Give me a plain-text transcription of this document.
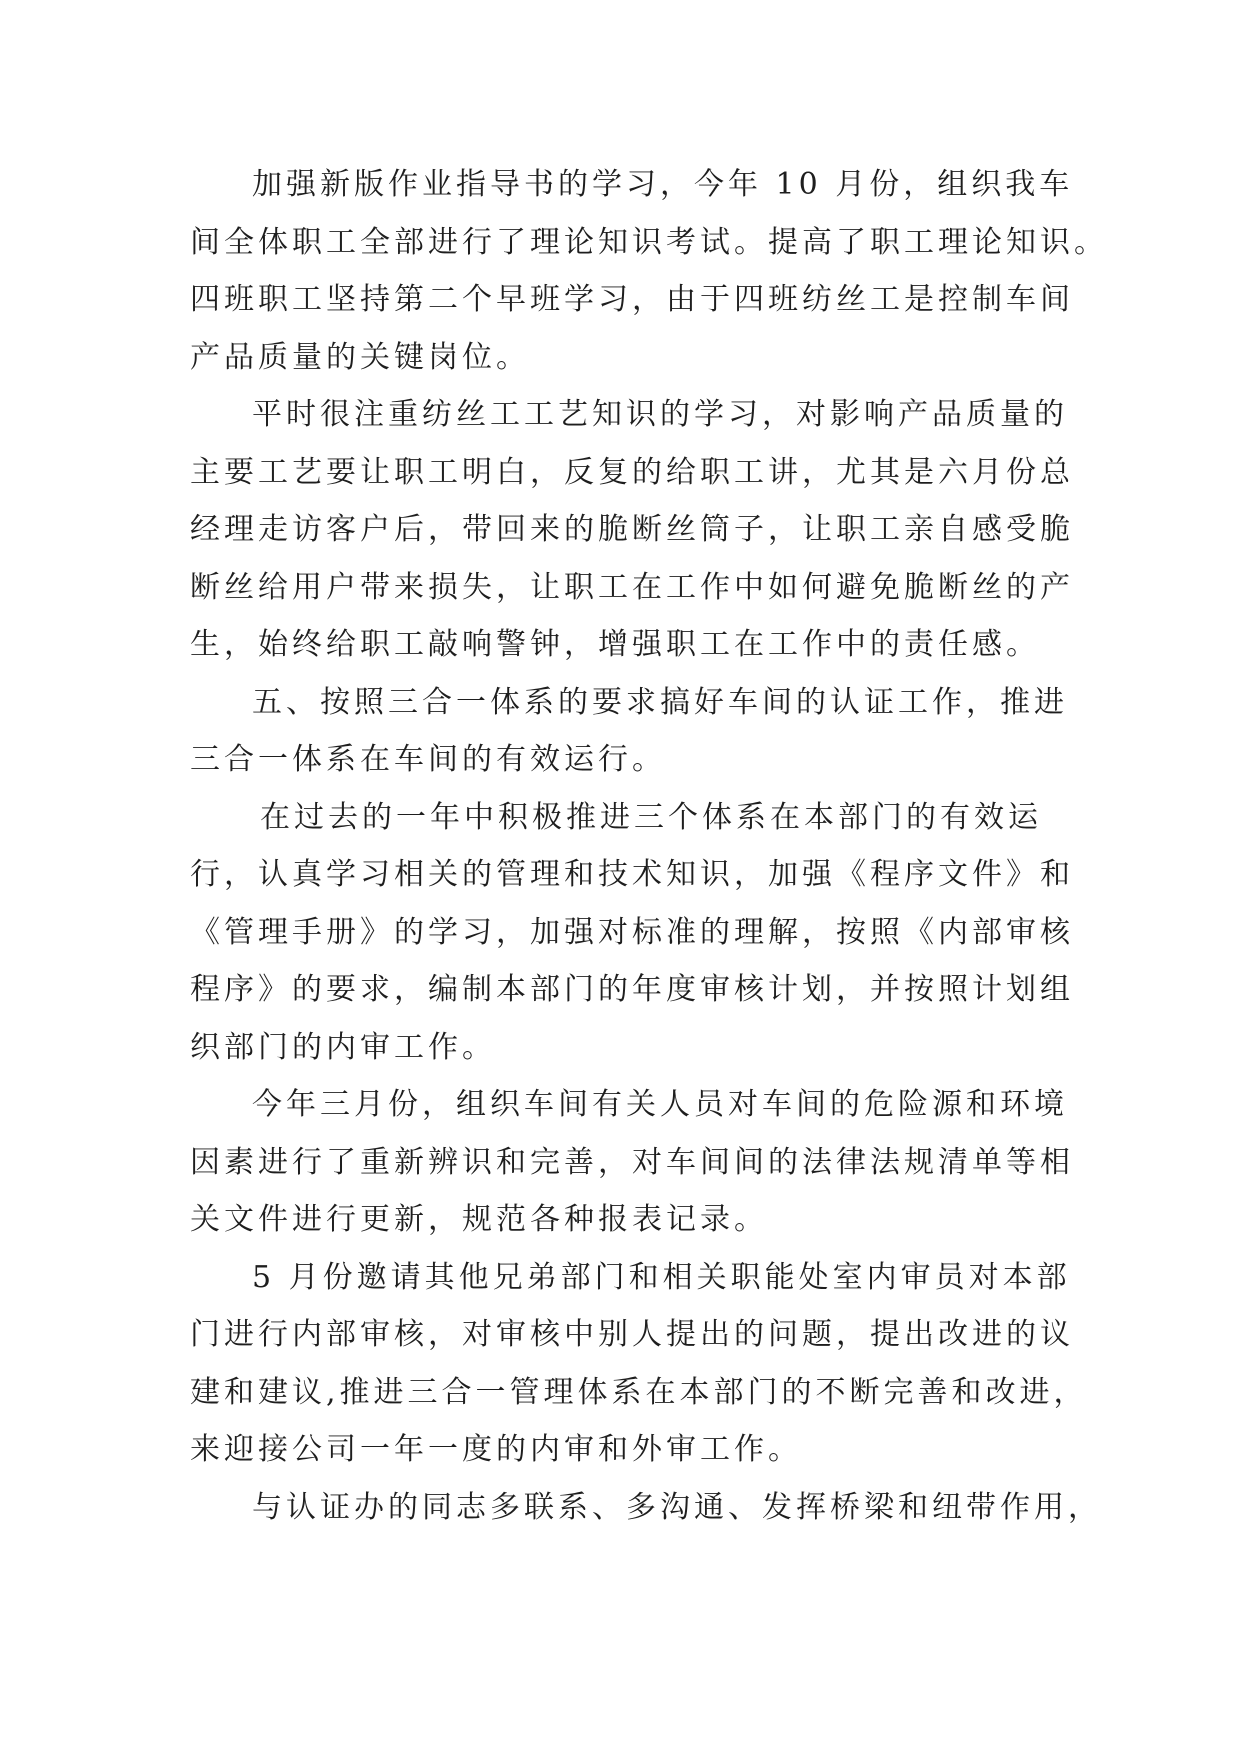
加强新版作业指导书的学习，今年 10 月份，组织我车
间全体职工全部进行了理论知识考试。提高了职工理论知识。
四班职工坚持第二个早班学习，由于四班纺丝工是控制车间
产品质量的关键岗位。
平时很注重纺丝工工艺知识的学习，对影响产品质量的
主要工艺要让职工明白，反复的给职工讲，尤其是六月份总
经理走访客户后，带回来的脆断丝筒子，让职工亲自感受脆
断丝给用户带来损失，让职工在工作中如何避免脆断丝的产
生，始终给职工敲响警钟，增强职工在工作中的责任感。
五、按照三合一体系的要求搞好车间的认证工作，推进
三合一体系在车间的有效运行。
在过去的一年中积极推进三个体系在本部门的有效运
行，认真学习相关的管理和技术知识，加强《程序文件》和
《管理手册》的学习，加强对标准的理解，按照《内部审核
程序》的要求，编制本部门的年度审核计划，并按照计划组
织部门的内审工作。
今年三月份，组织车间有关人员对车间的危险源和环境
因素进行了重新辨识和完善，对车间间的法律法规清单等相
关文件进行更新，规范各种报表记录。
5 月份邀请其他兄弟部门和相关职能处室内审员对本部
门进行内部审核，对审核中别人提出的问题，提出改进的议
建和建议,推进三合一管理体系在本部门的不断完善和改进，
来迎接公司一年一度的内审和外审工作。
与认证办的同志多联系、多沟通、发挥桥梁和纽带作用，
